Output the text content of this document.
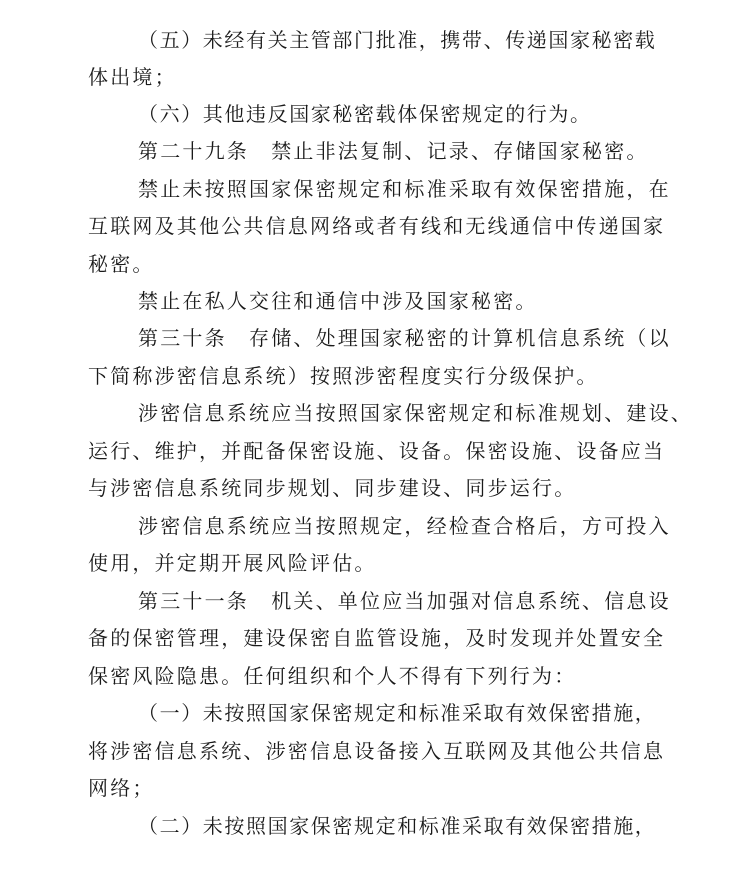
（五）未经有关主管部门批准，携带、传递国家秘密载
体出境；
（六）其他违反国家秘密载体保密规定的行为。
第二十九条　禁止非法复制、记录、存储国家秘密。
禁止未按照国家保密规定和标准采取有效保密措施，在
互联网及其他公共信息网络或者有线和无线通信中传递国家
秘密。
禁止在私人交往和通信中涉及国家秘密。
第三十条　存储、处理国家秘密的计算机信息系统（以
下简称涉密信息系统）按照涉密程度实行分级保护。
涉密信息系统应当按照国家保密规定和标准规划、建设、
运行、维护，并配备保密设施、设备。保密设施、设备应当
与涉密信息系统同步规划、同步建设、同步运行。
涉密信息系统应当按照规定，经检查合格后，方可投入
使用，并定期开展风险评估。
第三十一条　机关、单位应当加强对信息系统、信息设
备的保密管理，建设保密自监管设施，及时发现并处置安全
保密风险隐患。任何组织和个人不得有下列行为：
（一）未按照国家保密规定和标准采取有效保密措施，
将涉密信息系统、涉密信息设备接入互联网及其他公共信息
网络；
（二）未按照国家保密规定和标准采取有效保密措施，
